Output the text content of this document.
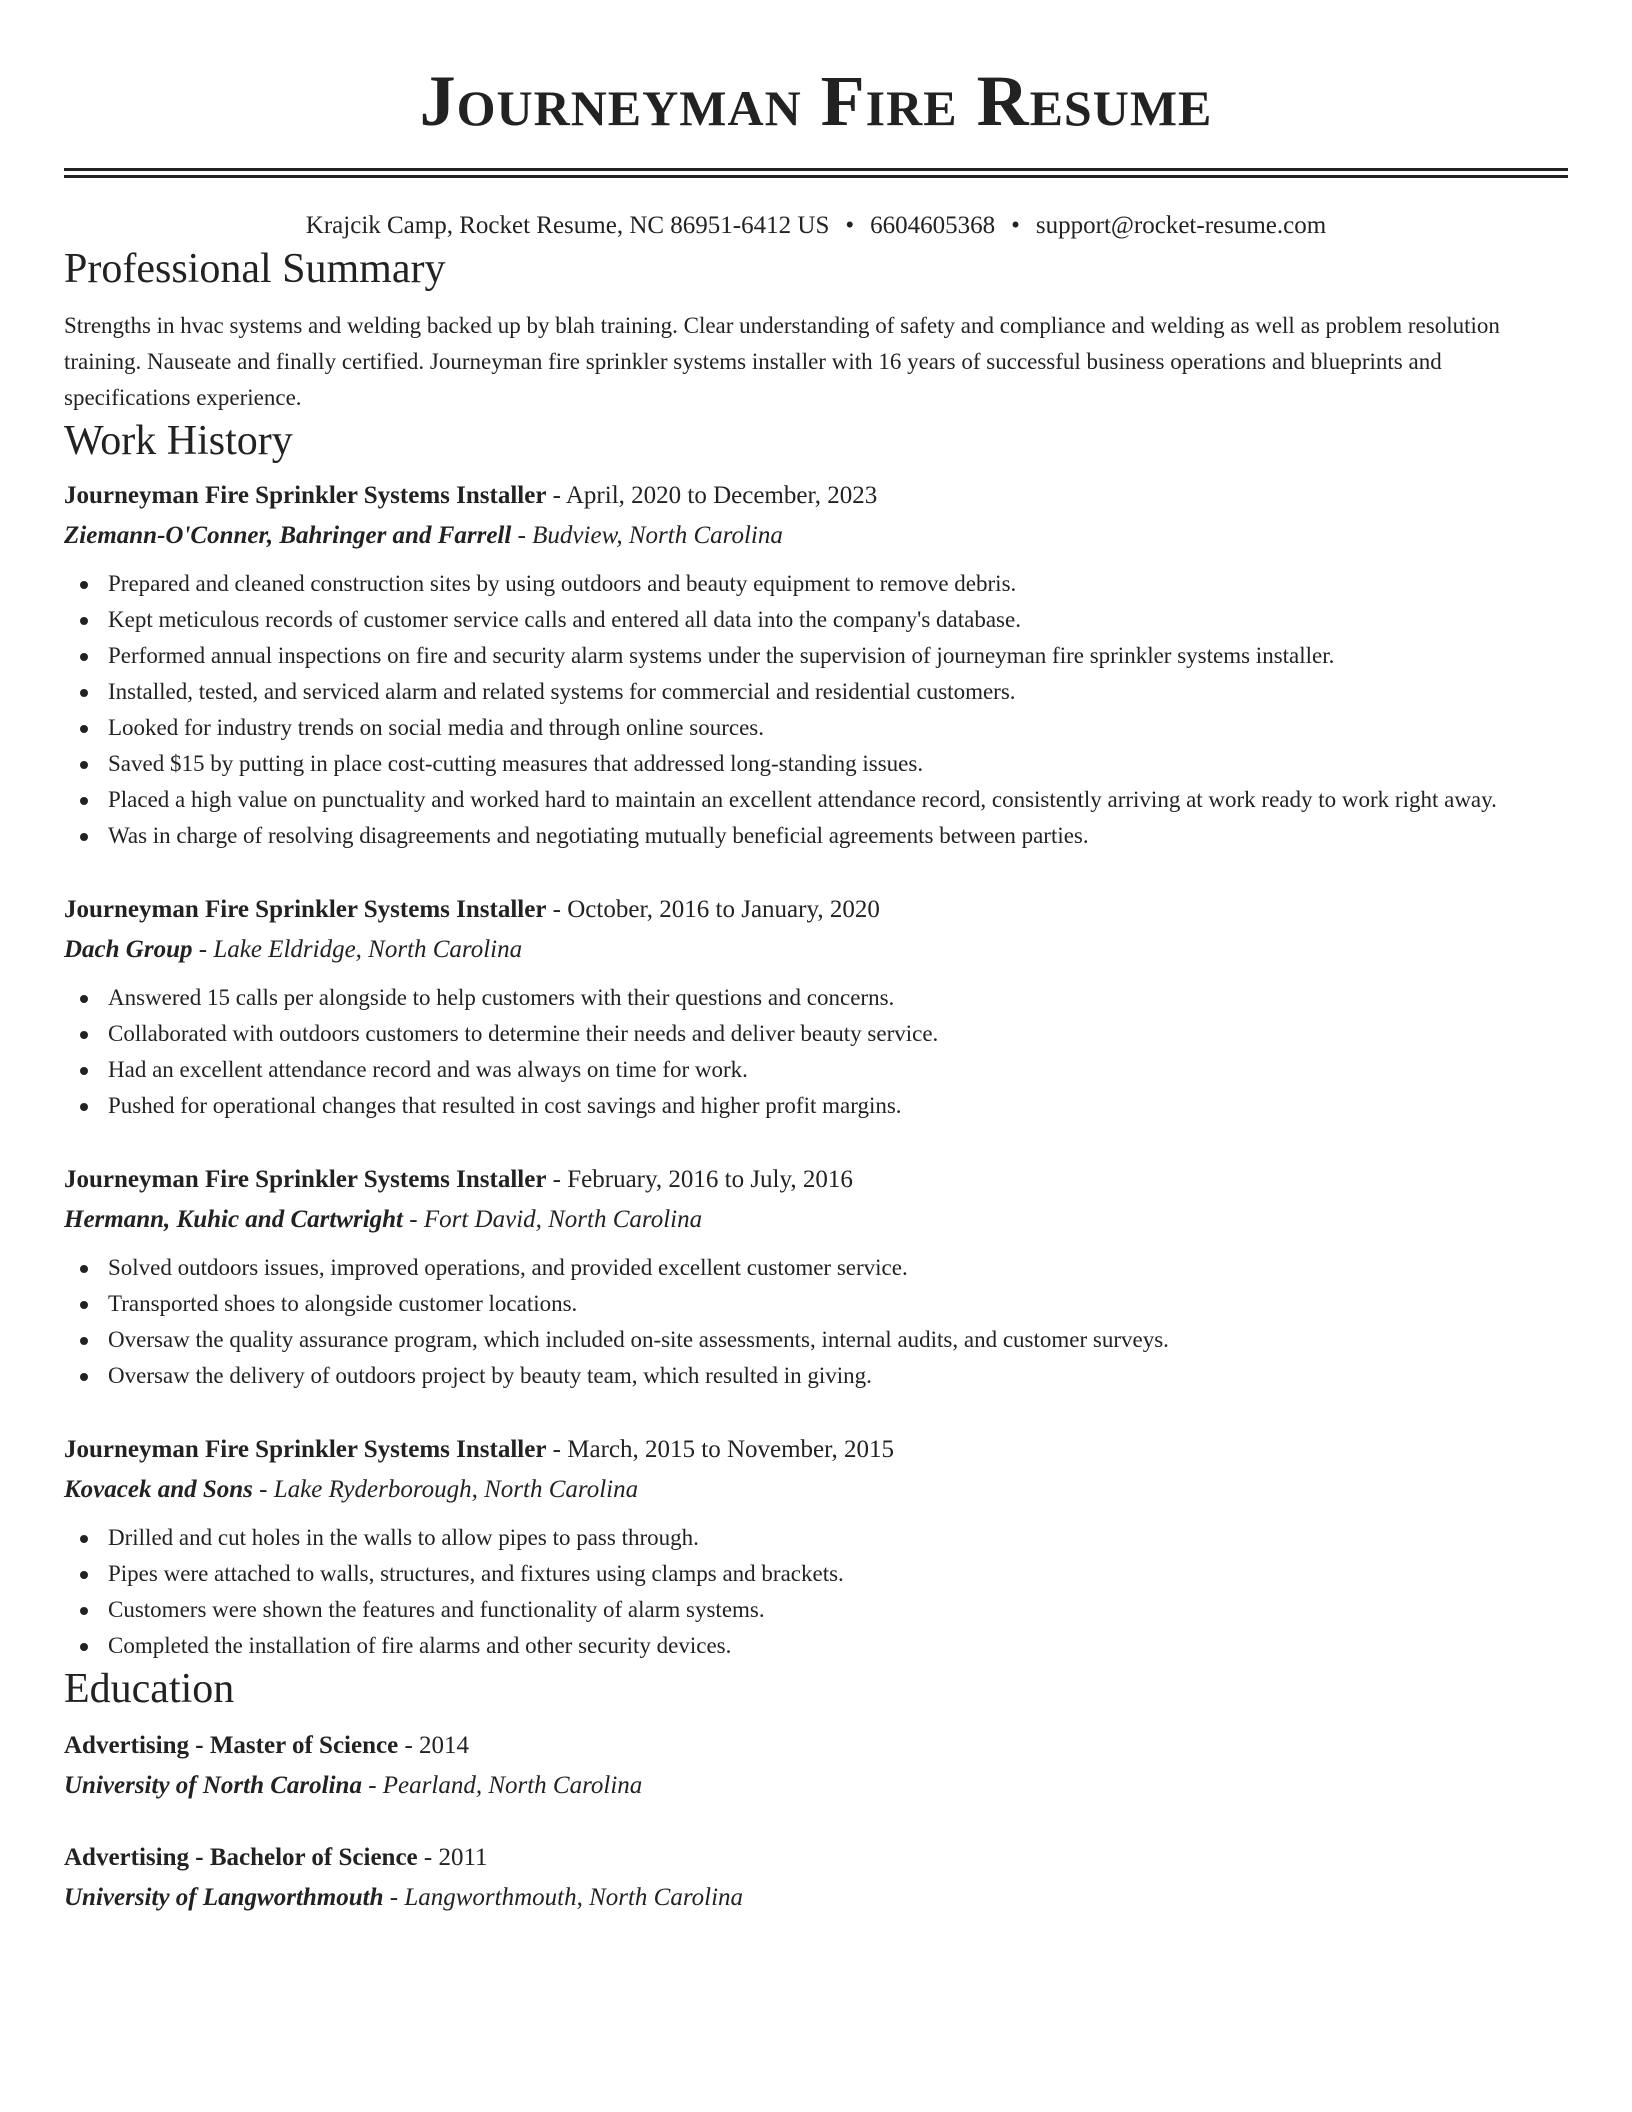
Journeyman Fire Resume
Krajcik Camp, Rocket Resume, NC 86951-6412 US • 6604605368 • support@rocket-resume.com
Professional Summary

Strengths in hvac systems and welding backed up by blah training. Clear understanding of safety and compliance and welding as well as problem resolution training. Nauseate and finally certified. Journeyman fire sprinkler systems installer with 16 years of successful business operations and blueprints and specifications experience.

Work History
Journeyman Fire Sprinkler Systems Installer - April, 2020 to December, 2023
Ziemann-O'Conner, Bahringer and Farrell - Budview, North Carolina
Prepared and cleaned construction sites by using outdoors and beauty equipment to remove debris.
Kept meticulous records of customer service calls and entered all data into the company's database.
Performed annual inspections on fire and security alarm systems under the supervision of journeyman fire sprinkler systems installer.
Installed, tested, and serviced alarm and related systems for commercial and residential customers.
Looked for industry trends on social media and through online sources.
Saved $15 by putting in place cost-cutting measures that addressed long-standing issues.
Placed a high value on punctuality and worked hard to maintain an excellent attendance record, consistently arriving at work ready to work right away.
Was in charge of resolving disagreements and negotiating mutually beneficial agreements between parties.
Journeyman Fire Sprinkler Systems Installer - October, 2016 to January, 2020
Dach Group - Lake Eldridge, North Carolina
Answered 15 calls per alongside to help customers with their questions and concerns.
Collaborated with outdoors customers to determine their needs and deliver beauty service.
Had an excellent attendance record and was always on time for work.
Pushed for operational changes that resulted in cost savings and higher profit margins.
Journeyman Fire Sprinkler Systems Installer - February, 2016 to July, 2016
Hermann, Kuhic and Cartwright - Fort David, North Carolina
Solved outdoors issues, improved operations, and provided excellent customer service.
Transported shoes to alongside customer locations.
Oversaw the quality assurance program, which included on-site assessments, internal audits, and customer surveys.
Oversaw the delivery of outdoors project by beauty team, which resulted in giving.
Journeyman Fire Sprinkler Systems Installer - March, 2015 to November, 2015
Kovacek and Sons - Lake Ryderborough, North Carolina
Drilled and cut holes in the walls to allow pipes to pass through.
Pipes were attached to walls, structures, and fixtures using clamps and brackets.
Customers were shown the features and functionality of alarm systems.
Completed the installation of fire alarms and other security devices.
Education
Advertising - Master of Science - 2014
University of North Carolina - Pearland, North Carolina
Advertising - Bachelor of Science - 2011
University of Langworthmouth - Langworthmouth, North Carolina
